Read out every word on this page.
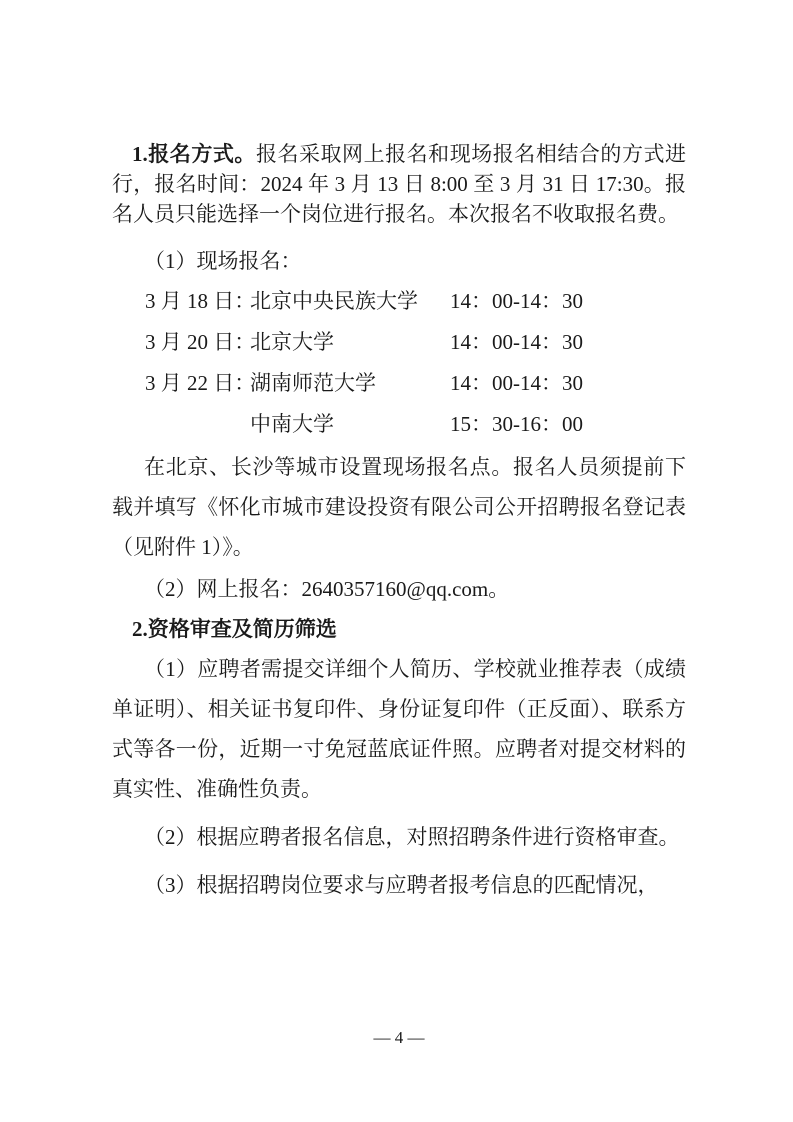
1.报名方式。报名采取网上报名和现场报名相结合的方式进行，报名时间：2024 年 3 月 13 日 8:00 至 3 月 31 日 17:30。报名人员只能选择一个岗位进行报名。本次报名不收取报名费。

（1）现场报名：

3 月 18 日：
北京中央民族大学	14：00-14：30
3 月 20 日：
北京大学	14：00-14：30
3 月 22 日：
湖南师范大学	14：00-14：30
中南大学	15：30-16：00

在北京、长沙等城市设置现场报名点。报名人员须提前下载并填写《怀化市城市建设投资有限公司公开招聘报名登记表（见附件 1）》。

（2）网上报名：2640357160@qq.com。

2.资格审查及简历筛选

（1）应聘者需提交详细个人简历、学校就业推荐表（成绩单证明）、相关证书复印件、身份证复印件（正反面）、联系方式等各一份，近期一寸免冠蓝底证件照。应聘者对提交材料的真实性、准确性负责。

（2）根据应聘者报名信息，对照招聘条件进行资格审查。

（3）根据招聘岗位要求与应聘者报考信息的匹配情况，

— 4 —
